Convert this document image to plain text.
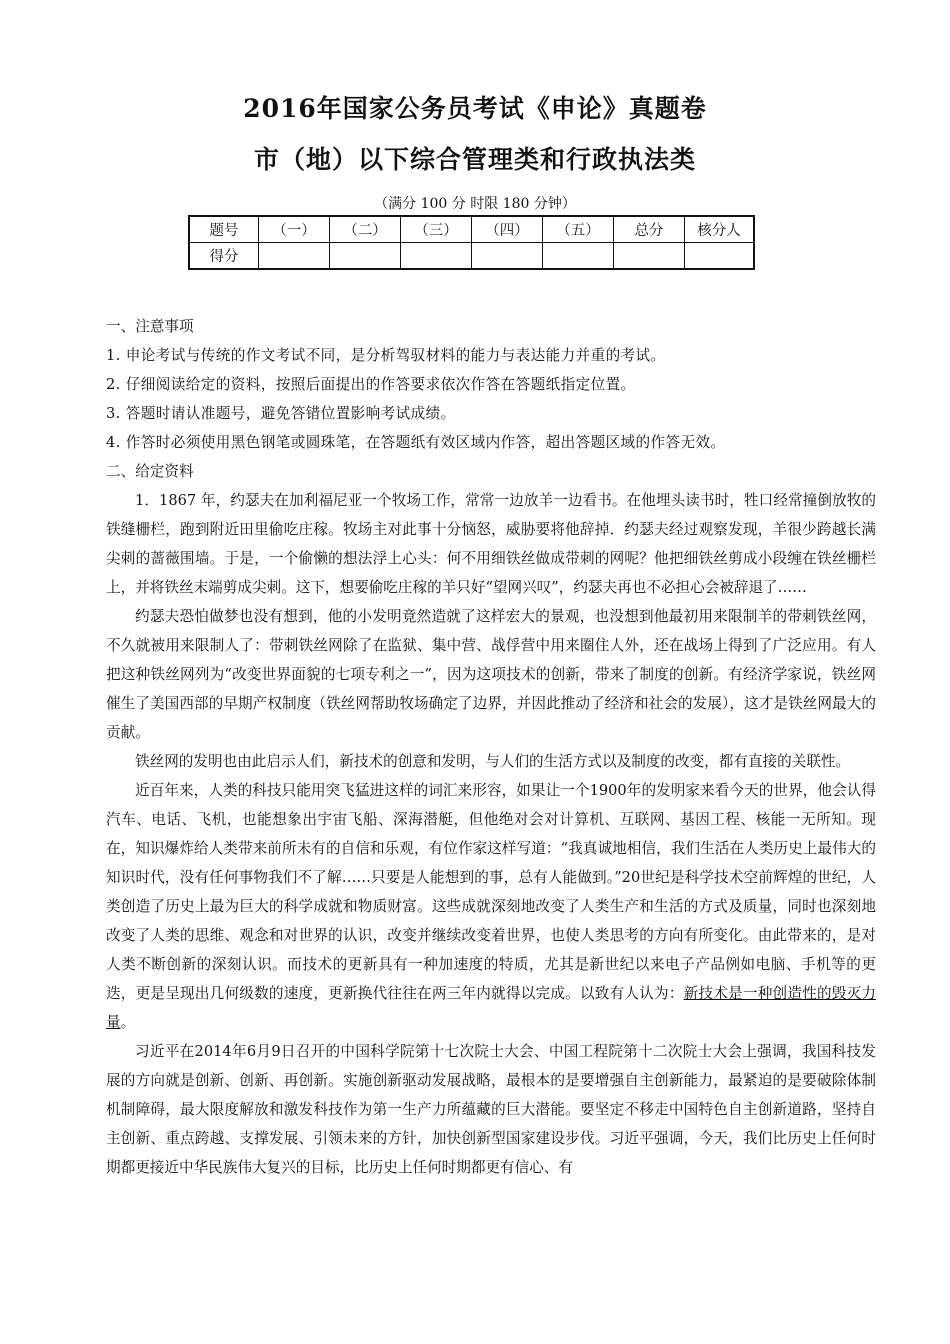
2016年国家公务员考试《申论》真题卷
市（地）以下综合管理类和行政执法类
（满分 100 分 时限 180 分钟）
题号	（一）	（二）	（三）	（四）	（五）	总分	核分人
得分							

一、注意事项

1. 申论考试与传统的作文考试不同，是分析驾驭材料的能力与表达能力并重的考试。

2. 仔细阅读给定的资料，按照后面提出的作答要求依次作答在答题纸指定位置。

3. 答题时请认准题号，避免答错位置影响考试成绩。

4. 作答时必须使用黑色钢笔或圆珠笔，在答题纸有效区域内作答，超出答题区域的作答无效。

二、给定资料

1．1867 年，约瑟夫在加利福尼亚一个牧场工作，常常一边放羊一边看书。在他埋头读书时，牲口经常撞倒放牧的铁缝栅栏，跑到附近田里偷吃庄稼。牧场主对此事十分恼怒，威胁要将他辞掉．约瑟夫经过观察发现，羊很少跨越长满尖刺的蔷薇围墙。于是，一个偷懒的想法浮上心头：何不用细铁丝做成带刺的网呢？他把细铁丝剪成小段缠在铁丝栅栏上，并将铁丝末端剪成尖刺。这下，想要偷吃庄稼的羊只好“望网兴叹”，约瑟夫再也不必担心会被辞退了……

约瑟夫恐怕做梦也没有想到，他的小发明竟然造就了这样宏大的景观，也没想到他最初用来限制羊的带刺铁丝网，不久就被用来限制人了：带刺铁丝网除了在监狱、集中营、战俘营中用来圈住人外，还在战场上得到了广泛应用。有人把这种铁丝网列为“改变世界面貌的七项专利之一”，因为这项技术的创新，带来了制度的创新。有经济学家说，铁丝网催生了美国西部的早期产权制度（铁丝网帮助牧场确定了边界，并因此推动了经济和社会的发展），这才是铁丝网最大的贡献。

铁丝网的发明也由此启示人们，新技术的创意和发明，与人们的生活方式以及制度的改变，都有直接的关联性。

近百年来，人类的科技只能用突飞猛进这样的词汇来形容，如果让一个1900年的发明家来看今天的世界，他会认得汽车、电话、飞机，也能想象出宇宙飞船、深海潜艇，但他绝对会对计算机、互联网、基因工程、核能一无所知。现在，知识爆炸给人类带来前所未有的自信和乐观，有位作家这样写道：“我真诚地相信，我们生活在人类历史上最伟大的知识时代，没有任何事物我们不了解……只要是人能想到的事，总有人能做到。”20世纪是科学技术空前辉煌的世纪，人类创造了历史上最为巨大的科学成就和物质财富。这些成就深刻地改变了人类生产和生活的方式及质量，同时也深刻地改变了人类的思维、观念和对世界的认识，改变并继续改变着世界，也使人类思考的方向有所变化。由此带来的，是对人类不断创新的深刻认识。而技术的更新具有一种加速度的特质，尤其是新世纪以来电子产品例如电脑、手机等的更迭，更是呈现出几何级数的速度，更新换代往往在两三年内就得以完成。以致有人认为：新技术是一种创造性的毁灭力量。

习近平在2014年6月9日召开的中国科学院第十七次院士大会、中国工程院第十二次院士大会上强调，我国科技发展的方向就是创新、创新、再创新。实施创新驱动发展战略，最根本的是要增强自主创新能力，最紧迫的是要破除体制机制障碍，最大限度解放和激发科技作为第一生产力所蕴藏的巨大潜能。要坚定不移走中国特色自主创新道路，坚持自主创新、重点跨越、支撑发展、引领未来的方针，加快创新型国家建设步伐。习近平强调，今天，我们比历史上任何时期都更接近中华民族伟大复兴的目标，比历史上任何时期都更有信心、有
